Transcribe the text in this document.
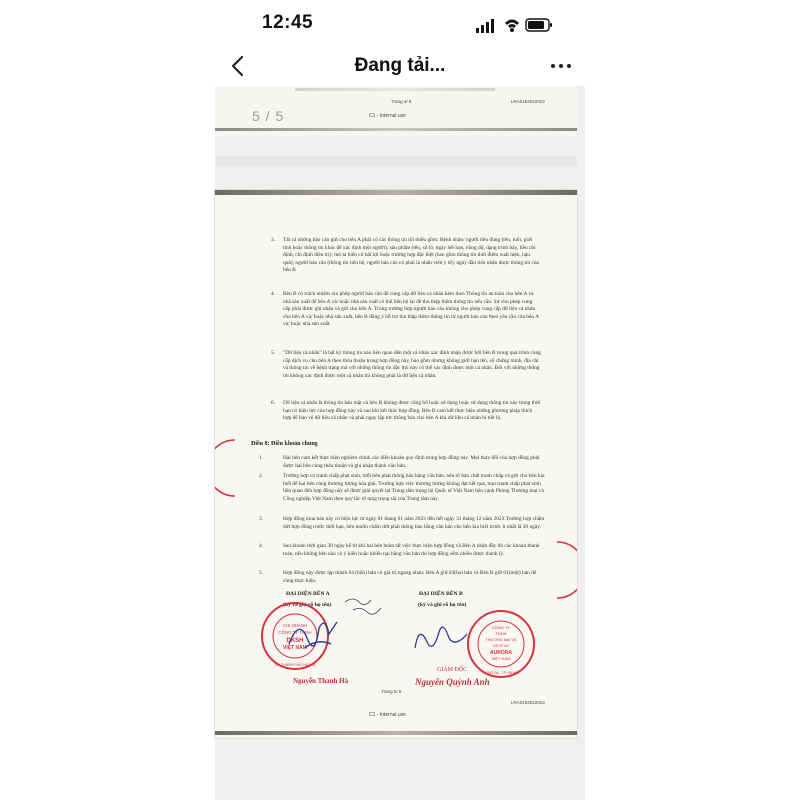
12:45
Đang tải...
Trang 4/ 5	LRA0162022023
C1 - Internal use
5 / 5
3.	Tất cả những báo cáo gửi cho bên A phải có các thông tin tối thiểu gồm: Bệnh nhân/ người tiêu dùng (tên, tuổi, giới tính hoặc thông tin khác để xác định một người); sản phẩm (tên, số lô, ngày hết hạn, nồng độ, dạng trình bày, liều chỉ định, chỉ định điều trị); mô tả biến cố bất lợi hoặc trường hợp đặc biệt (bao gồm thông tin thời điểm xuất hiện, hậu quả); người báo cáo (thông tin liên hệ, người báo cáo có phải là nhân viên y tế); ngày đầu tiên nhận được thông tin của bên B
4.	Bên B có trách nhiệm xin phép người báo cáo để cung cấp dữ liệu cá nhân kèm theo Thông tin an toàn cho bên A và nhà sản xuất để bên A và/ hoặc nhà sản xuất có thể liên hệ lại để thu thập thêm thông tin nếu cần. Sự cho phép cung cấp phải được ghi nhận và gửi cho bên A. Trong trường hợp người báo cáo không cho phép cung cấp dữ liệu cá nhân cho bên A và/ hoặc nhà sản xuất, bên B đồng ý hỗ trợ thu thập thêm thông tin từ người báo cáo theo yêu cầu của bên A và/ hoặc nhà sản xuất.
5.	"Dữ liệu cá nhân" là bất kỳ thông tin nào liên quan đến một cá nhân xác định nhận được bởi bên B trong quá trình cung cấp dịch vụ cho bên A theo thỏa thuận trong hợp đồng này, bao gồm nhưng không giới hạn tên, số chứng minh, địa chỉ và thông tin về bệnh trạng mà với những thông tin đặc thù này có thể xác định được một cá nhân. Đối với những thông tin không xác định được một cá nhân thì không phải là dữ liệu cá nhân.
6.	Dữ liệu cá nhân là thông tin bảo mật và bên B không được công bố hoặc sử dụng hoặc sử dụng thông tin này trong thời hạn có hiệu lực của hợp đồng này và sau khi kết thúc hợp đồng. Bên B cam kết thực hiện những phương pháp thích hợp để bảo vệ dữ liệu cá nhân và phải ngay lập tức thông báo cho bên A khi dữ liệu cá nhân bị tiết lộ.
Điều 8: Điều khoản chung
1.	Hai bên cam kết thực hiện nghiêm chỉnh các điều khoản quy định trong hợp đồng này. Mọi thay đổi của hợp đồng phải được hai bên cùng thỏa thuận và ghi nhận thành văn bản.
2.	Trường hợp có tranh chấp phát sinh, mỗi bên phải thông báo bằng văn bản, nêu rõ bản chất tranh chấp và gửi cho bên kia biết để hai bên cùng thương lượng hòa giải. Trường hợp việc thương lượng không đạt kết quả, mọi tranh chấp phát sinh liên quan đến hợp đồng này sẽ được giải quyết tại Trung tâm trọng tài Quốc tế Việt Nam bên cạnh Phòng Thương mại và Công nghiệp Việt Nam theo quy tắc tố tụng trọng tài của Trung tâm này.
3.	Hợp đồng mua bán này có hiệu lực từ ngày 01 tháng 01 năm 2023 đến hết ngày 31 tháng 12 năm 2023.Trường hợp chấm dứt hợp đồng trước thời hạn, bên muốn chấm dứt phải thông báo bằng văn bản cho bên kia biết trước ít nhất là 30 ngày.
4.	Sau khoản thời gian 30 ngày kể từ khi hai bên hoàn tất việc thực hiện hợp đồng và Bên A nhận đầy đủ các khoản thanh toán, nếu không bên nào có ý kiến hoặc khiếu nại bằng văn bản thì hợp đồng sẽm nhiên được thanh lý.
5.	Hợp đồng này được lập thành 04 (bốn) bản có giá trị ngang nhau: Bên A giữ 03(ba) bản và Bên B giữ 01(một) bản để cùng thực hiện.
ĐẠI DIỆN BÊN A
(ký và ghi rõ họ tên)
ĐẠI DIỆN BÊN B
(ký và ghi rõ họ tên)
CHI NHÁNH
CÔNG TY TNHH
DKSH
VIỆT NAM
TẠI THÀNH PHỐ HÀ NỘI
Nguyễn Thanh Hà
CÔNG TY
TNHH
THƯƠNG MẠI VÀ
DỊCH VỤ
AURORA
VIỆT NAM
ĐỐNG ĐA - TP. HÀ NỘI
GIÁM ĐỐC
Nguyễn Quỳnh Anh
Trang 5/ 5
LRA0162022023
C1 - Internal use
